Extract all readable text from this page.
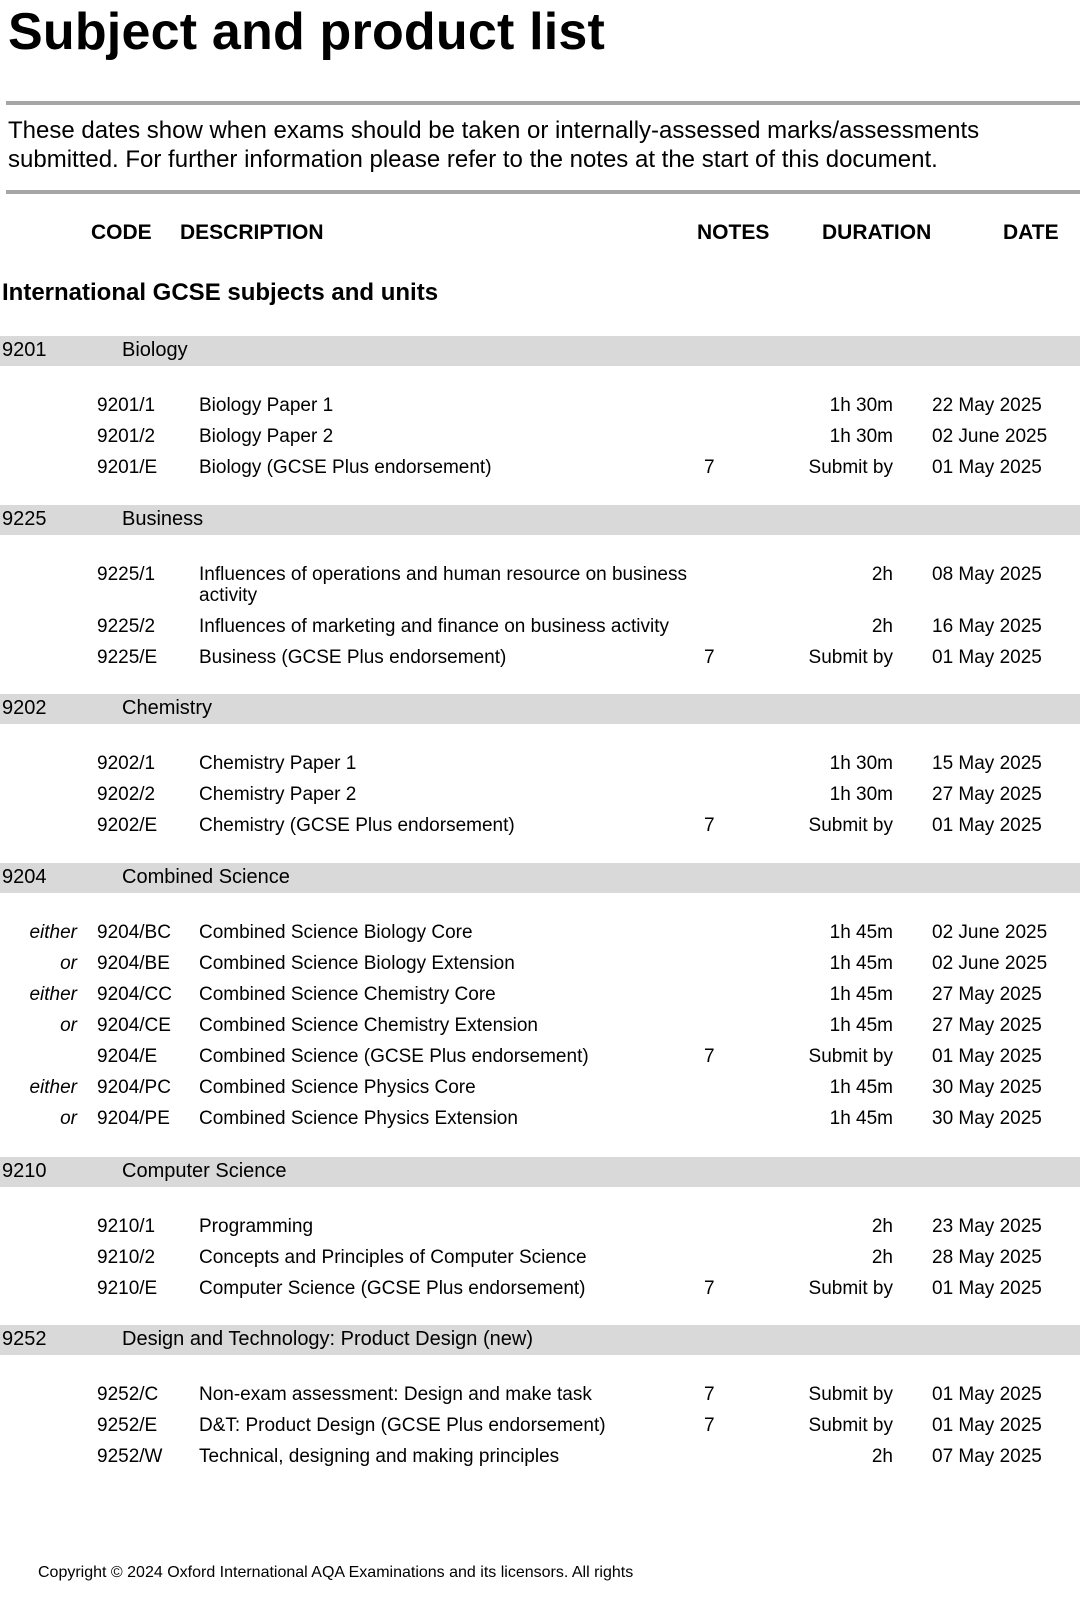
Subject and product list

These dates show when exams should be taken or internally-assessed marks/assessments

submitted. For further information please refer to the notes at the start of this document.

CODE DESCRIPTION	NOTES	DURATION	DATE
International GCSE subjects and units
9201	Biology
9201/1 Biology Paper 1	1h 30m 22 May 2025
9201/2 Biology Paper 2	1h 30m 02 June 2025
9201/E Biology (GCSE Plus endorsement)	7	Submit by 01 May 2025
9225	Business
9225/1 Influences of operations and human resource on business activity
2h 08 May 2025
9225/2 Influences of marketing and finance on business activity	2h 16 May 2025
9225/E Business (GCSE Plus endorsement)	7	Submit by 01 May 2025
9202	Chemistry
9202/1 Chemistry Paper 1	1h 30m 15 May 2025
9202/2 Chemistry Paper 2	1h 30m 27 May 2025
9202/E Chemistry (GCSE Plus endorsement)	7	Submit by 01 May 2025
9204	Combined Science
either 9204/BC Combined Science Biology Core	1h 45m 02 June 2025
or 9204/BE Combined Science Biology Extension	1h 45m 02 June 2025
either 9204/CC Combined Science Chemistry Core	1h 45m 27 May 2025
or 9204/CE Combined Science Chemistry Extension	1h 45m 27 May 2025
9204/E Combined Science (GCSE Plus endorsement)	7	Submit by 01 May 2025
either 9204/PC Combined Science Physics Core	1h 45m 30 May 2025
or 9204/PE Combined Science Physics Extension	1h 45m 30 May 2025
9210	Computer Science
9210/1 Programming	2h 23 May 2025
9210/2 Concepts and Principles of Computer Science	2h 28 May 2025
9210/E Computer Science (GCSE Plus endorsement)	7	Submit by 01 May 2025
9252	Design and Technology: Product Design (new)
9252/C Non-exam assessment: Design and make task	7	Submit by 01 May 2025
9252/E D&T: Product Design (GCSE Plus endorsement)	7	Submit by 01 May 2025
9252/W Technical, designing and making principles	2h 07 May 2025
Copyright © 2024 Oxford International AQA Examinations and its licensors. All rights
